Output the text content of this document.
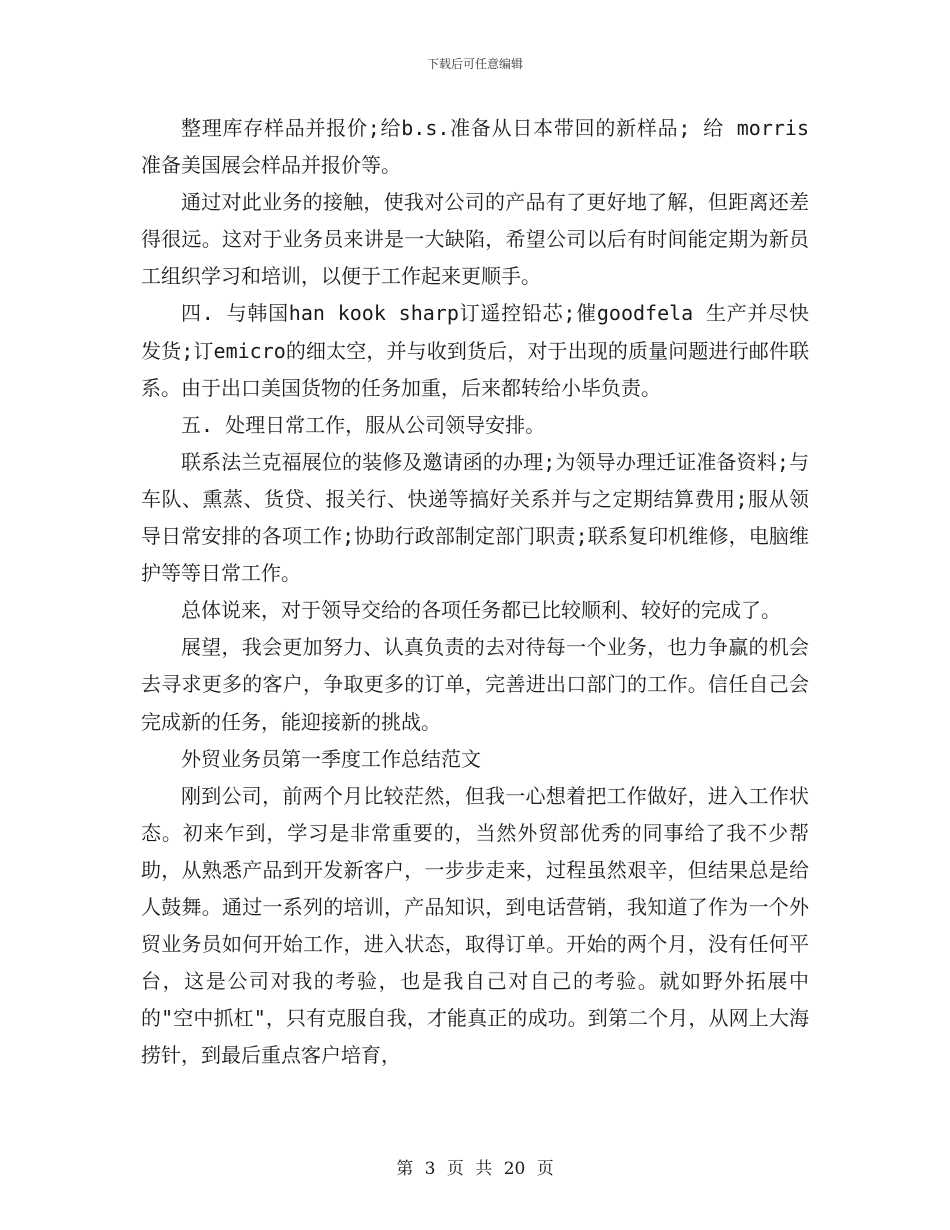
下载后可任意编辑

整理库存样品并报价;给b.s.准备从日本带回的新样品; 给 morris 准备美国展会样品并报价等。

通过对此业务的接触，使我对公司的产品有了更好地了解，但距离还差得很远。这对于业务员来讲是一大缺陷，希望公司以后有时间能定期为新员工组织学习和培训，以便于工作起来更顺手。

四. 与韩国han kook sharp订遥控铅芯;催goodfela 生产并尽快发货;订emicro的细太空，并与收到货后，对于出现的质量问题进行邮件联系。由于出口美国货物的任务加重，后来都转给小毕负责。

五. 处理日常工作，服从公司领导安排。

联系法兰克福展位的装修及邀请函的办理;为领导办理迁证准备资料;与车队、熏蒸、货贷、报关行、快递等搞好关系并与之定期结算费用;服从领导日常安排的各项工作;协助行政部制定部门职责;联系复印机维修，电脑维护等等日常工作。

总体说来，对于领导交给的各项任务都已比较顺利、较好的完成了。

展望，我会更加努力、认真负责的去对待每一个业务，也力争赢的机会去寻求更多的客户，争取更多的订单，完善进出口部门的工作。信任自己会完成新的任务，能迎接新的挑战。

外贸业务员第一季度工作总结范文

刚到公司，前两个月比较茫然，但我一心想着把工作做好，进入工作状态。初来乍到，学习是非常重要的，当然外贸部优秀的同事给了我不少帮助，从熟悉产品到开发新客户，一步步走来，过程虽然艰辛，但结果总是给人鼓舞。通过一系列的培训，产品知识，到电话营销，我知道了作为一个外贸业务员如何开始工作，进入状态，取得订单。开始的两个月，没有任何平台，这是公司对我的考验，也是我自己对自己的考验。就如野外拓展中的"空中抓杠"，只有克服自我，才能真正的成功。到第二个月，从网上大海捞针，到最后重点客户培育，

第 3 页 共 20 页
